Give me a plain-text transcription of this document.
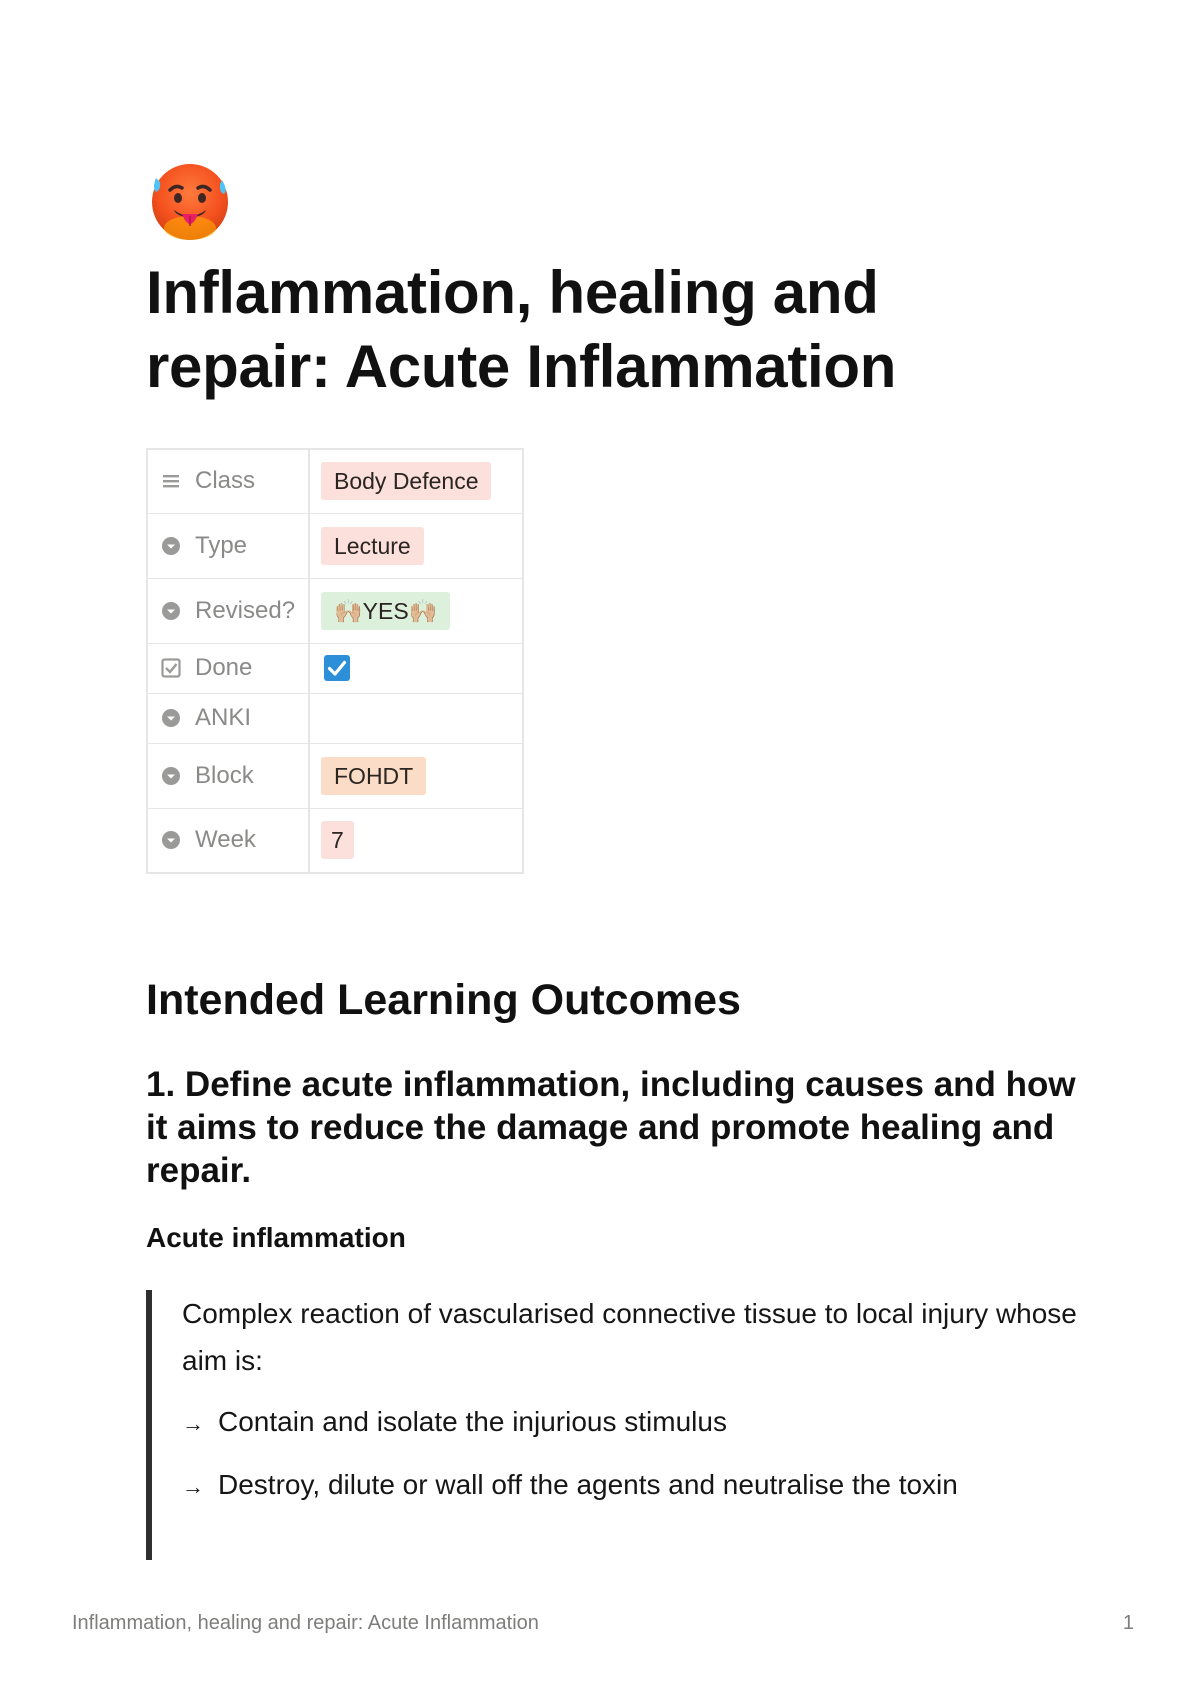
Inflammation, healing and repair: Acute Inflammation
Class	Body Defence

Type	Lecture

Revised?	🙌🏼YES🙌🏼

Done

ANKI	

Block	FOHDT

Week	7
Intended Learning Outcomes
1. Define acute inflammation, including causes and how it aims to reduce the damage and promote healing and repair.
Acute inflammation

Complex reaction of vascularised connective tissue to local injury whose aim is:

→ Contain and isolate the injurious stimulus

→ Destroy, dilute or wall off the agents and neutralise the toxin

Inflammation, healing and repair: Acute Inflammation	1
